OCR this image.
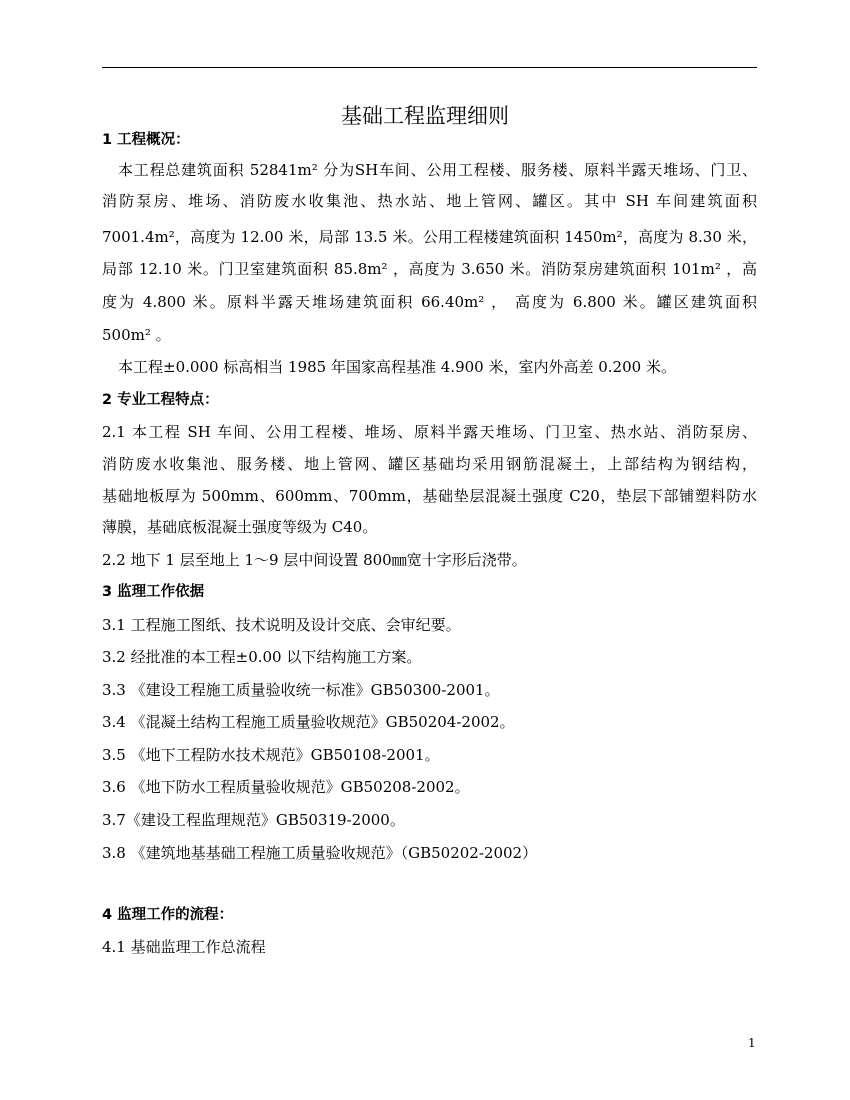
基础工程监理细则
1 工程概况：
本工程总建筑面积 52841m² 分为SH车间、公用工程楼、服务楼、原料半露天堆场、门卫、
消防泵房、堆场、消防废水收集池、热水站、地上管网、罐区。其中 SH 车间建筑面积
7001.4m²，高度为 12.00 米，局部 13.5 米。公用工程楼建筑面积 1450m²，高度为 8.30 米，
局部 12.10 米。门卫室建筑面积 85.8m² ，高度为 3.650 米。消防泵房建筑面积 101m² ，高
度为 4.800 米。原料半露天堆场建筑面积 66.40m² ， 高度为 6.800 米。罐区建筑面积
500m² 。
本工程±0.000 标高相当 1985 年国家高程基准 4.900 米，室内外高差 0.200 米。
2 专业工程特点：
2.1 本工程 SH 车间、公用工程楼、堆场、原料半露天堆场、门卫室、热水站、消防泵房、
消防废水收集池、服务楼、地上管网、罐区基础均采用钢筋混凝土，上部结构为钢结构，
基础地板厚为 500mm、600mm、700mm，基础垫层混凝土强度 C20，垫层下部铺塑料防水
薄膜，基础底板混凝土强度等级为 C40。
2.2 地下 1 层至地上 1～9 层中间设置 800㎜宽十字形后浇带。
3 监理工作依据
3.1 工程施工图纸、技术说明及设计交底、会审纪要。
3.2 经批准的本工程±0.00 以下结构施工方案。
3.3 《建设工程施工质量验收统一标准》GB50300-2001。
3.4 《混凝土结构工程施工质量验收规范》GB50204-2002。
3.5 《地下工程防水技术规范》GB50108-2001。
3.6 《地下防水工程质量验收规范》GB50208-2002。
3.7《建设工程监理规范》GB50319-2000。
3.8 《建筑地基基础工程施工质量验收规范》（GB50202-2002）
4 监理工作的流程：
4.1 基础监理工作总流程
1
